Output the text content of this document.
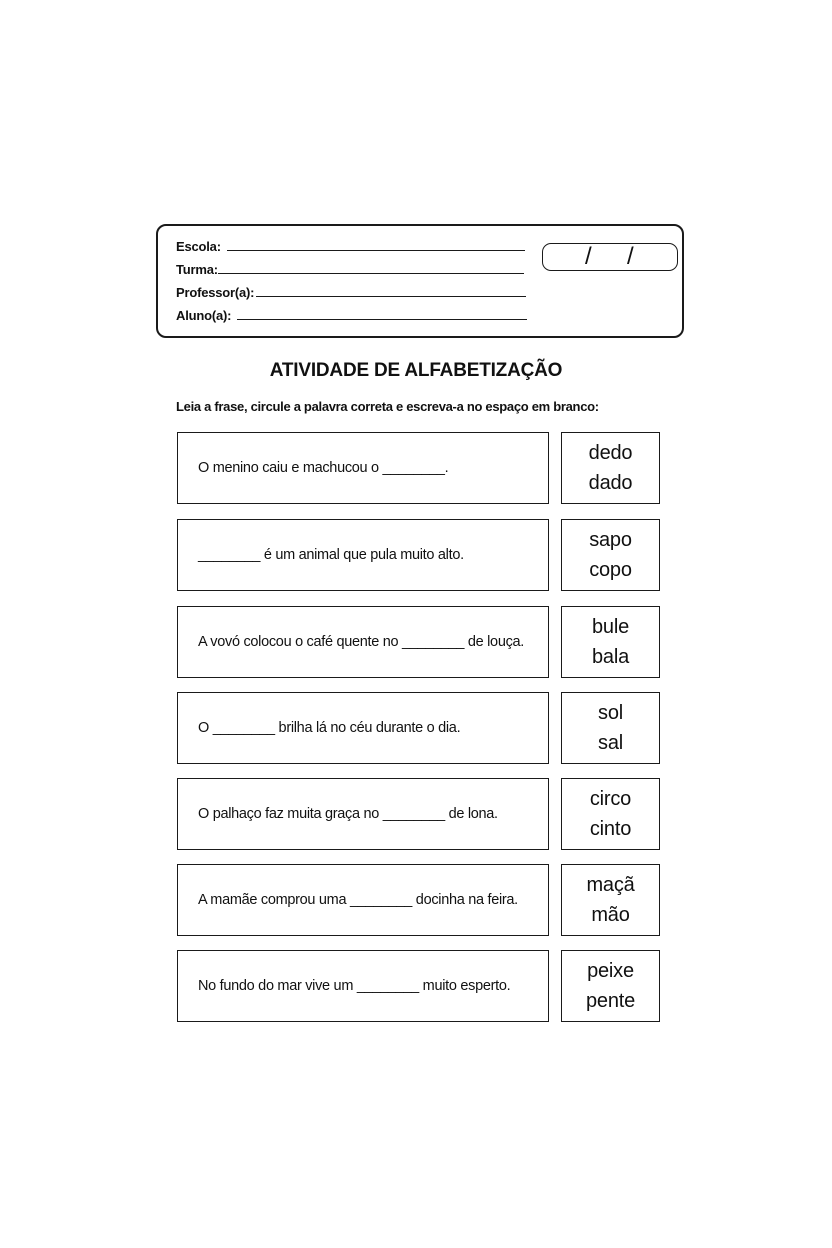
Escola:
Turma:
Professor(a):
Aluno(a):
/ /
ATIVIDADE DE ALFABETIZAÇÃO
Leia a frase, circule a palavra correta e escreva-a no espaço em branco:
O menino caiu e machucou o ________.
dedo
dado
________ é um animal que pula muito alto.
sapo
copo
A vovó colocou o café quente no ________ de louça.
bule
bala
O ________ brilha lá no céu durante o dia.
sol
sal
O palhaço faz muita graça no ________ de lona.
circo
cinto
A mamãe comprou uma ________ docinha na feira.
maçã
mão
No fundo do mar vive um ________ muito esperto.
peixe
pente
